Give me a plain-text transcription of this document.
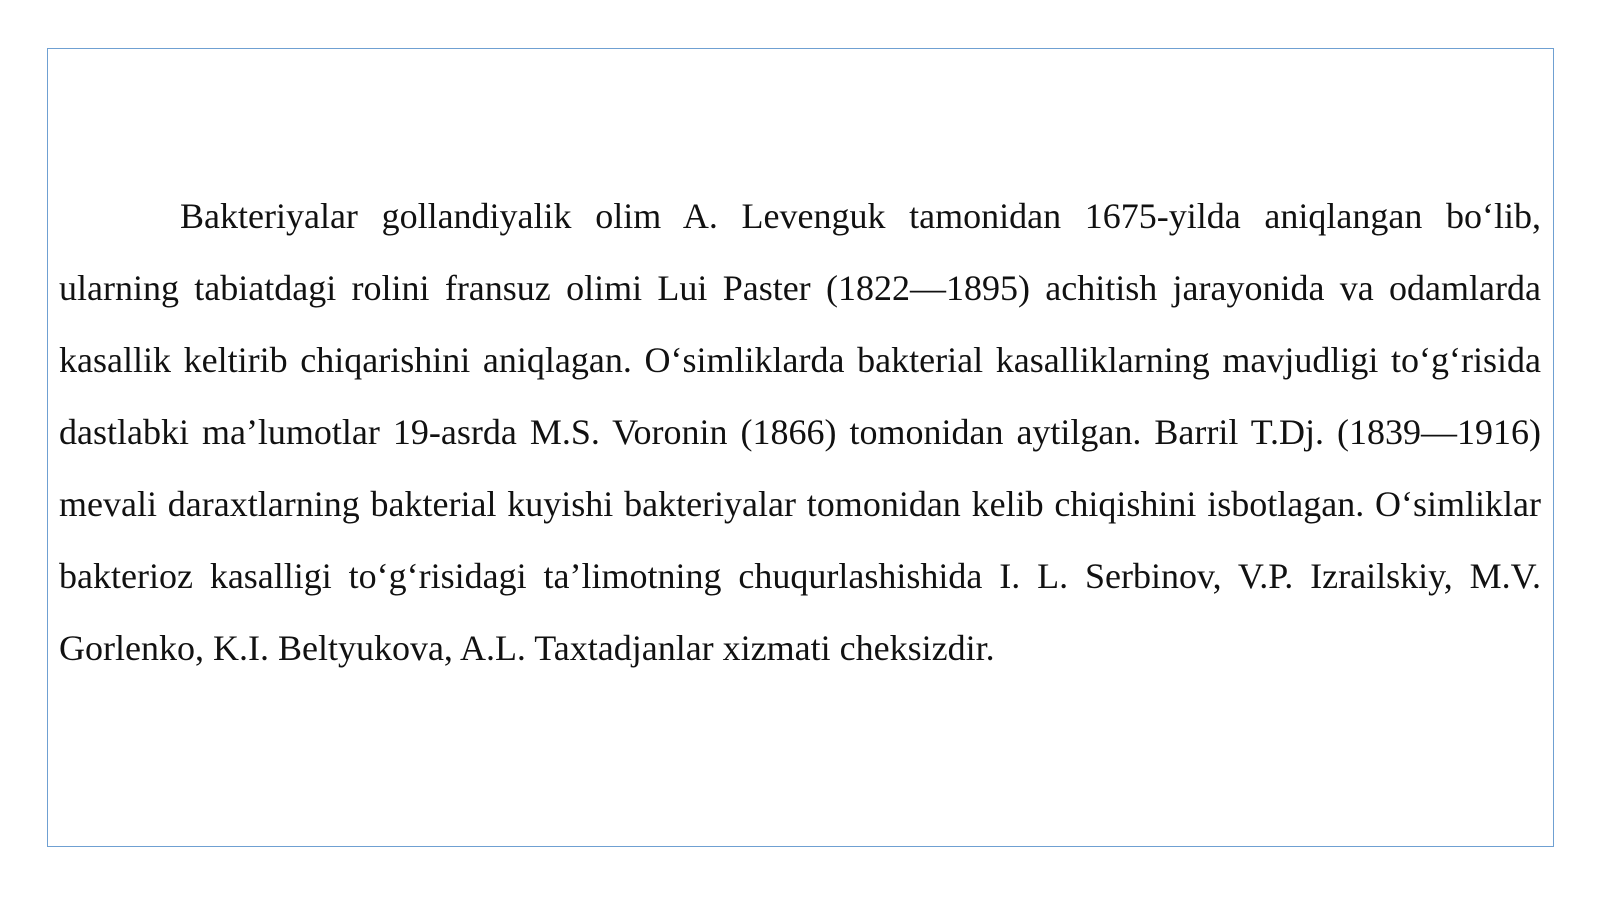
Bakteriyalar gollandiyalik olim A. Levenguk tamonidan 1675-yilda aniqlangan bo‘lib, ularning tabiatdagi rolini fransuz olimi Lui Paster (1822—1895) achitish jarayonida va odamlarda kasallik keltirib chiqarishini aniqlagan. O‘simliklarda bakterial kasalliklarning mavjudligi to‘g‘risida dastlabki ma’lumotlar 19-asrda M.S. Voronin (1866) tomonidan aytilgan. Barril T.Dj. (1839—1916) mevali daraxtlarning bakterial kuyishi bakteriyalar tomonidan kelib chiqishini isbotlagan. O‘simliklar bakterioz kasalligi to‘g‘risidagi ta’limotning chuqurlashishida I. L. Serbinov, V.P. Izrailskiy, M.V. Gorlenko, K.I. Beltyukova, A.L. Taxtadjanlar xizmati cheksizdir.
